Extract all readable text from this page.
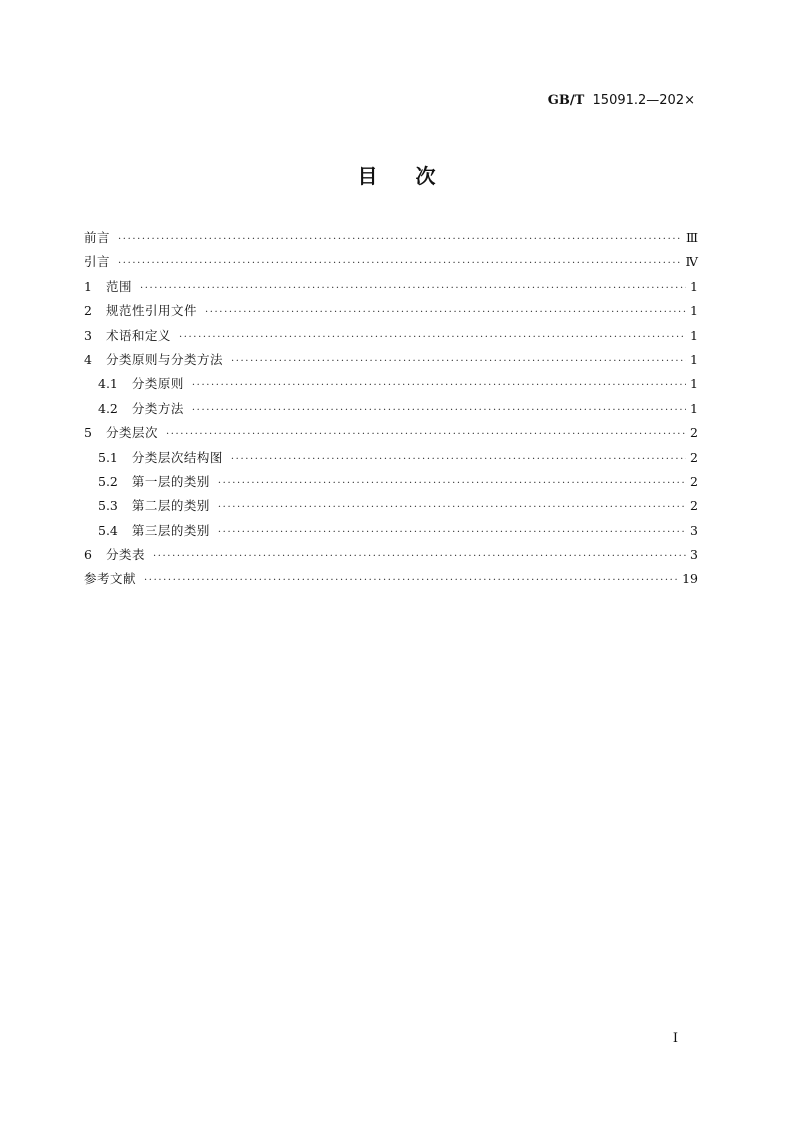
GB/T 15091.2—202×
目 次
前言 ·····	Ⅲ
引言 ·····	Ⅳ
1 范围 ·····	1
2 规范性引用文件 ·····	1
3 术语和定义 ·····	1
4 分类原则与分类方法 ·····	1
4.1 分类原则 ·····	1
4.2 分类方法 ·····	1
5 分类层次 ·····	2
5.1 分类层次结构图 ·····	2
5.2 第一层的类别 ·····	2
5.3 第二层的类别 ·····	2
5.4 第三层的类别 ·····	3
6 分类表 ·····	3
参考文献 ·····	19
Ⅰ
